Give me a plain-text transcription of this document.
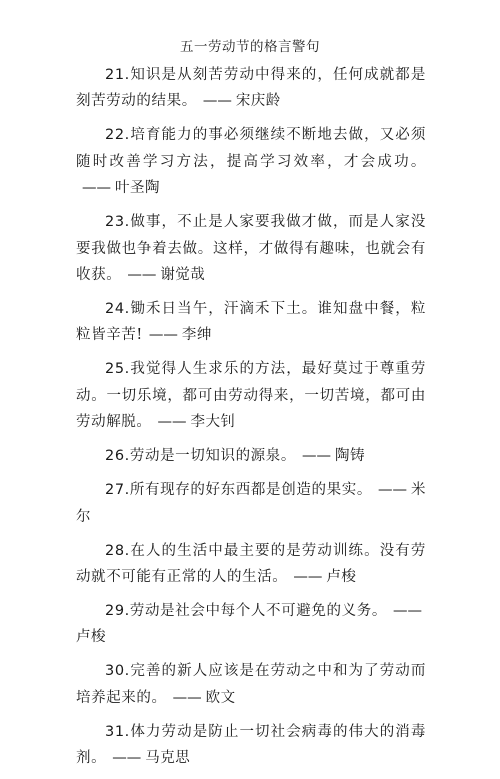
五一劳动节的格言警句

21.知识是从刻苦劳动中得来的，任何成就都是刻苦劳动的结果。 —— 宋庆龄

22.培育能力的事必须继续不断地去做，又必须随时改善学习方法，提高学习效率，才会成功。—— 叶圣陶

23.做事，不止是人家要我做才做，而是人家没要我做也争着去做。这样，才做得有趣味，也就会有收获。 —— 谢觉哉

24.锄禾日当午，汗滴禾下土。谁知盘中餐，粒粒皆辛苦! —— 李绅

25.我觉得人生求乐的方法，最好莫过于尊重劳动。一切乐境，都可由劳动得来，一切苦境，都可由劳动解脱。 —— 李大钊

26.劳动是一切知识的源泉。 —— 陶铸

27.所有现存的好东西都是创造的果实。 —— 米尔

28.在人的生活中最主要的是劳动训练。没有劳动就不可能有正常的人的生活。 —— 卢梭

29.劳动是社会中每个人不可避免的义务。 ——卢梭

30.完善的新人应该是在劳动之中和为了劳动而培养起来的。 —— 欧文

31.体力劳动是防止一切社会病毒的伟大的消毒剂。 —— 马克思
